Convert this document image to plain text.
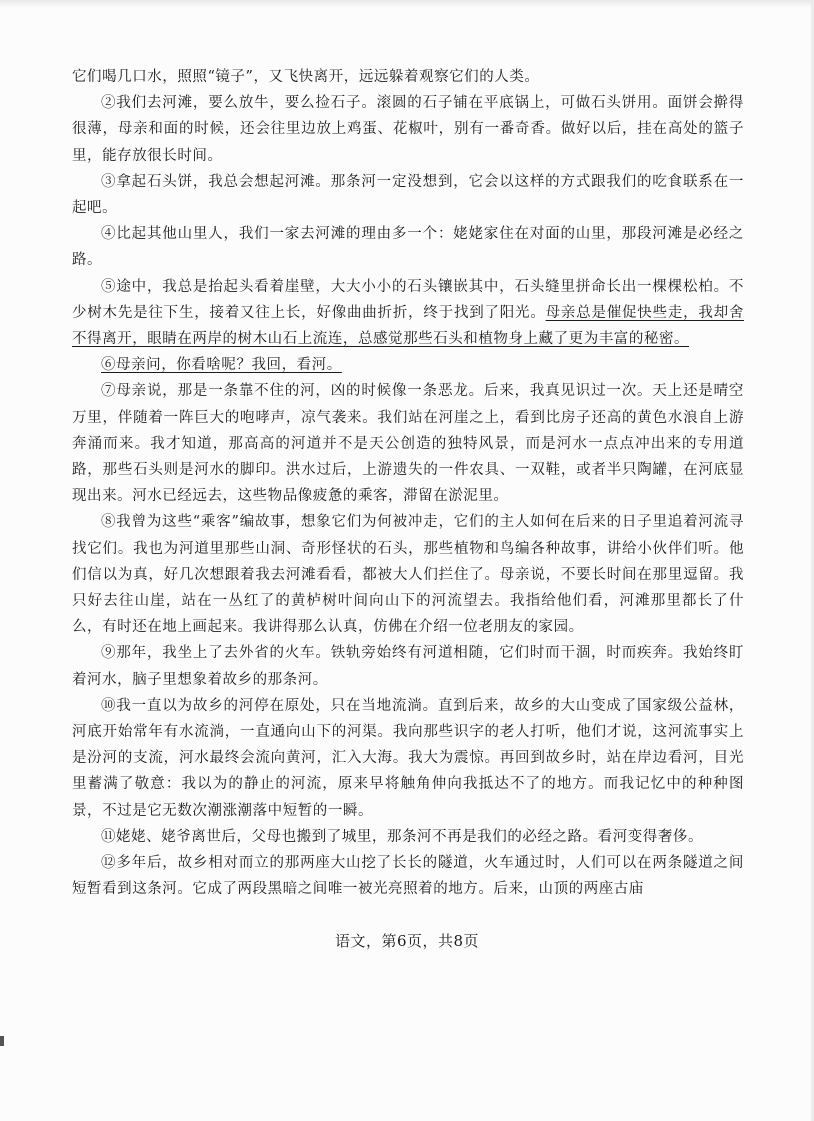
它们喝几口水，照照“镜子”，又飞快离开，远远躲着观察它们的人类。

②我们去河滩，要么放牛，要么捡石子。滚圆的石子铺在平底锅上，可做石头饼用。面饼会擀得很薄，母亲和面的时候，还会往里边放上鸡蛋、花椒叶，别有一番奇香。做好以后，挂在高处的篮子里，能存放很长时间。

③拿起石头饼，我总会想起河滩。那条河一定没想到，它会以这样的方式跟我们的吃食联系在一起吧。

④比起其他山里人，我们一家去河滩的理由多一个：姥姥家住在对面的山里，那段河滩是必经之路。

⑤途中，我总是抬起头看着崖壁，大大小小的石头镶嵌其中，石头缝里拼命长出一棵棵松柏。不少树木先是往下生，接着又往上长，好像曲曲折折，终于找到了阳光。母亲总是催促快些走，我却舍不得离开，眼睛在两岸的树木山石上流连，总感觉那些石头和植物身上藏了更为丰富的秘密。

⑥母亲问，你看啥呢？我回，看河。

⑦母亲说，那是一条靠不住的河，凶的时候像一条恶龙。后来，我真见识过一次。天上还是晴空万里，伴随着一阵巨大的咆哮声，凉气袭来。我们站在河崖之上，看到比房子还高的黄色水浪自上游奔涌而来。我才知道，那高高的河道并不是天公创造的独特风景，而是河水一点点冲出来的专用道路，那些石头则是河水的脚印。洪水过后，上游遗失的一件农具、一双鞋，或者半只陶罐，在河底显现出来。河水已经远去，这些物品像疲惫的乘客，滞留在淤泥里。

⑧我曾为这些“乘客”编故事，想象它们为何被冲走，它们的主人如何在后来的日子里追着河流寻找它们。我也为河道里那些山洞、奇形怪状的石头，那些植物和鸟编各种故事，讲给小伙伴们听。他们信以为真，好几次想跟着我去河滩看看，都被大人们拦住了。母亲说，不要长时间在那里逗留。我只好去往山崖，站在一丛红了的黄栌树叶间向山下的河流望去。我指给他们看，河滩那里都长了什么，有时还在地上画起来。我讲得那么认真，仿佛在介绍一位老朋友的家园。

⑨那年，我坐上了去外省的火车。铁轨旁始终有河道相随，它们时而干涸，时而疾奔。我始终盯着河水，脑子里想象着故乡的那条河。

⑩我一直以为故乡的河停在原处，只在当地流淌。直到后来，故乡的大山变成了国家级公益林，河底开始常年有水流淌，一直通向山下的河渠。我向那些识字的老人打听，他们才说，这河流事实上是汾河的支流，河水最终会流向黄河，汇入大海。我大为震惊。再回到故乡时，站在岸边看河，目光里蓄满了敬意：我以为的静止的河流，原来早将触角伸向我抵达不了的地方。而我记忆中的种种图景，不过是它无数次潮涨潮落中短暂的一瞬。

⑪姥姥、姥爷离世后，父母也搬到了城里，那条河不再是我们的必经之路。看河变得奢侈。

⑫多年后，故乡相对而立的那两座大山挖了长长的隧道，火车通过时，人们可以在两条隧道之间短暂看到这条河。它成了两段黑暗之间唯一被光亮照着的地方。后来，山顶的两座古庙

语文，第6页，共8页
